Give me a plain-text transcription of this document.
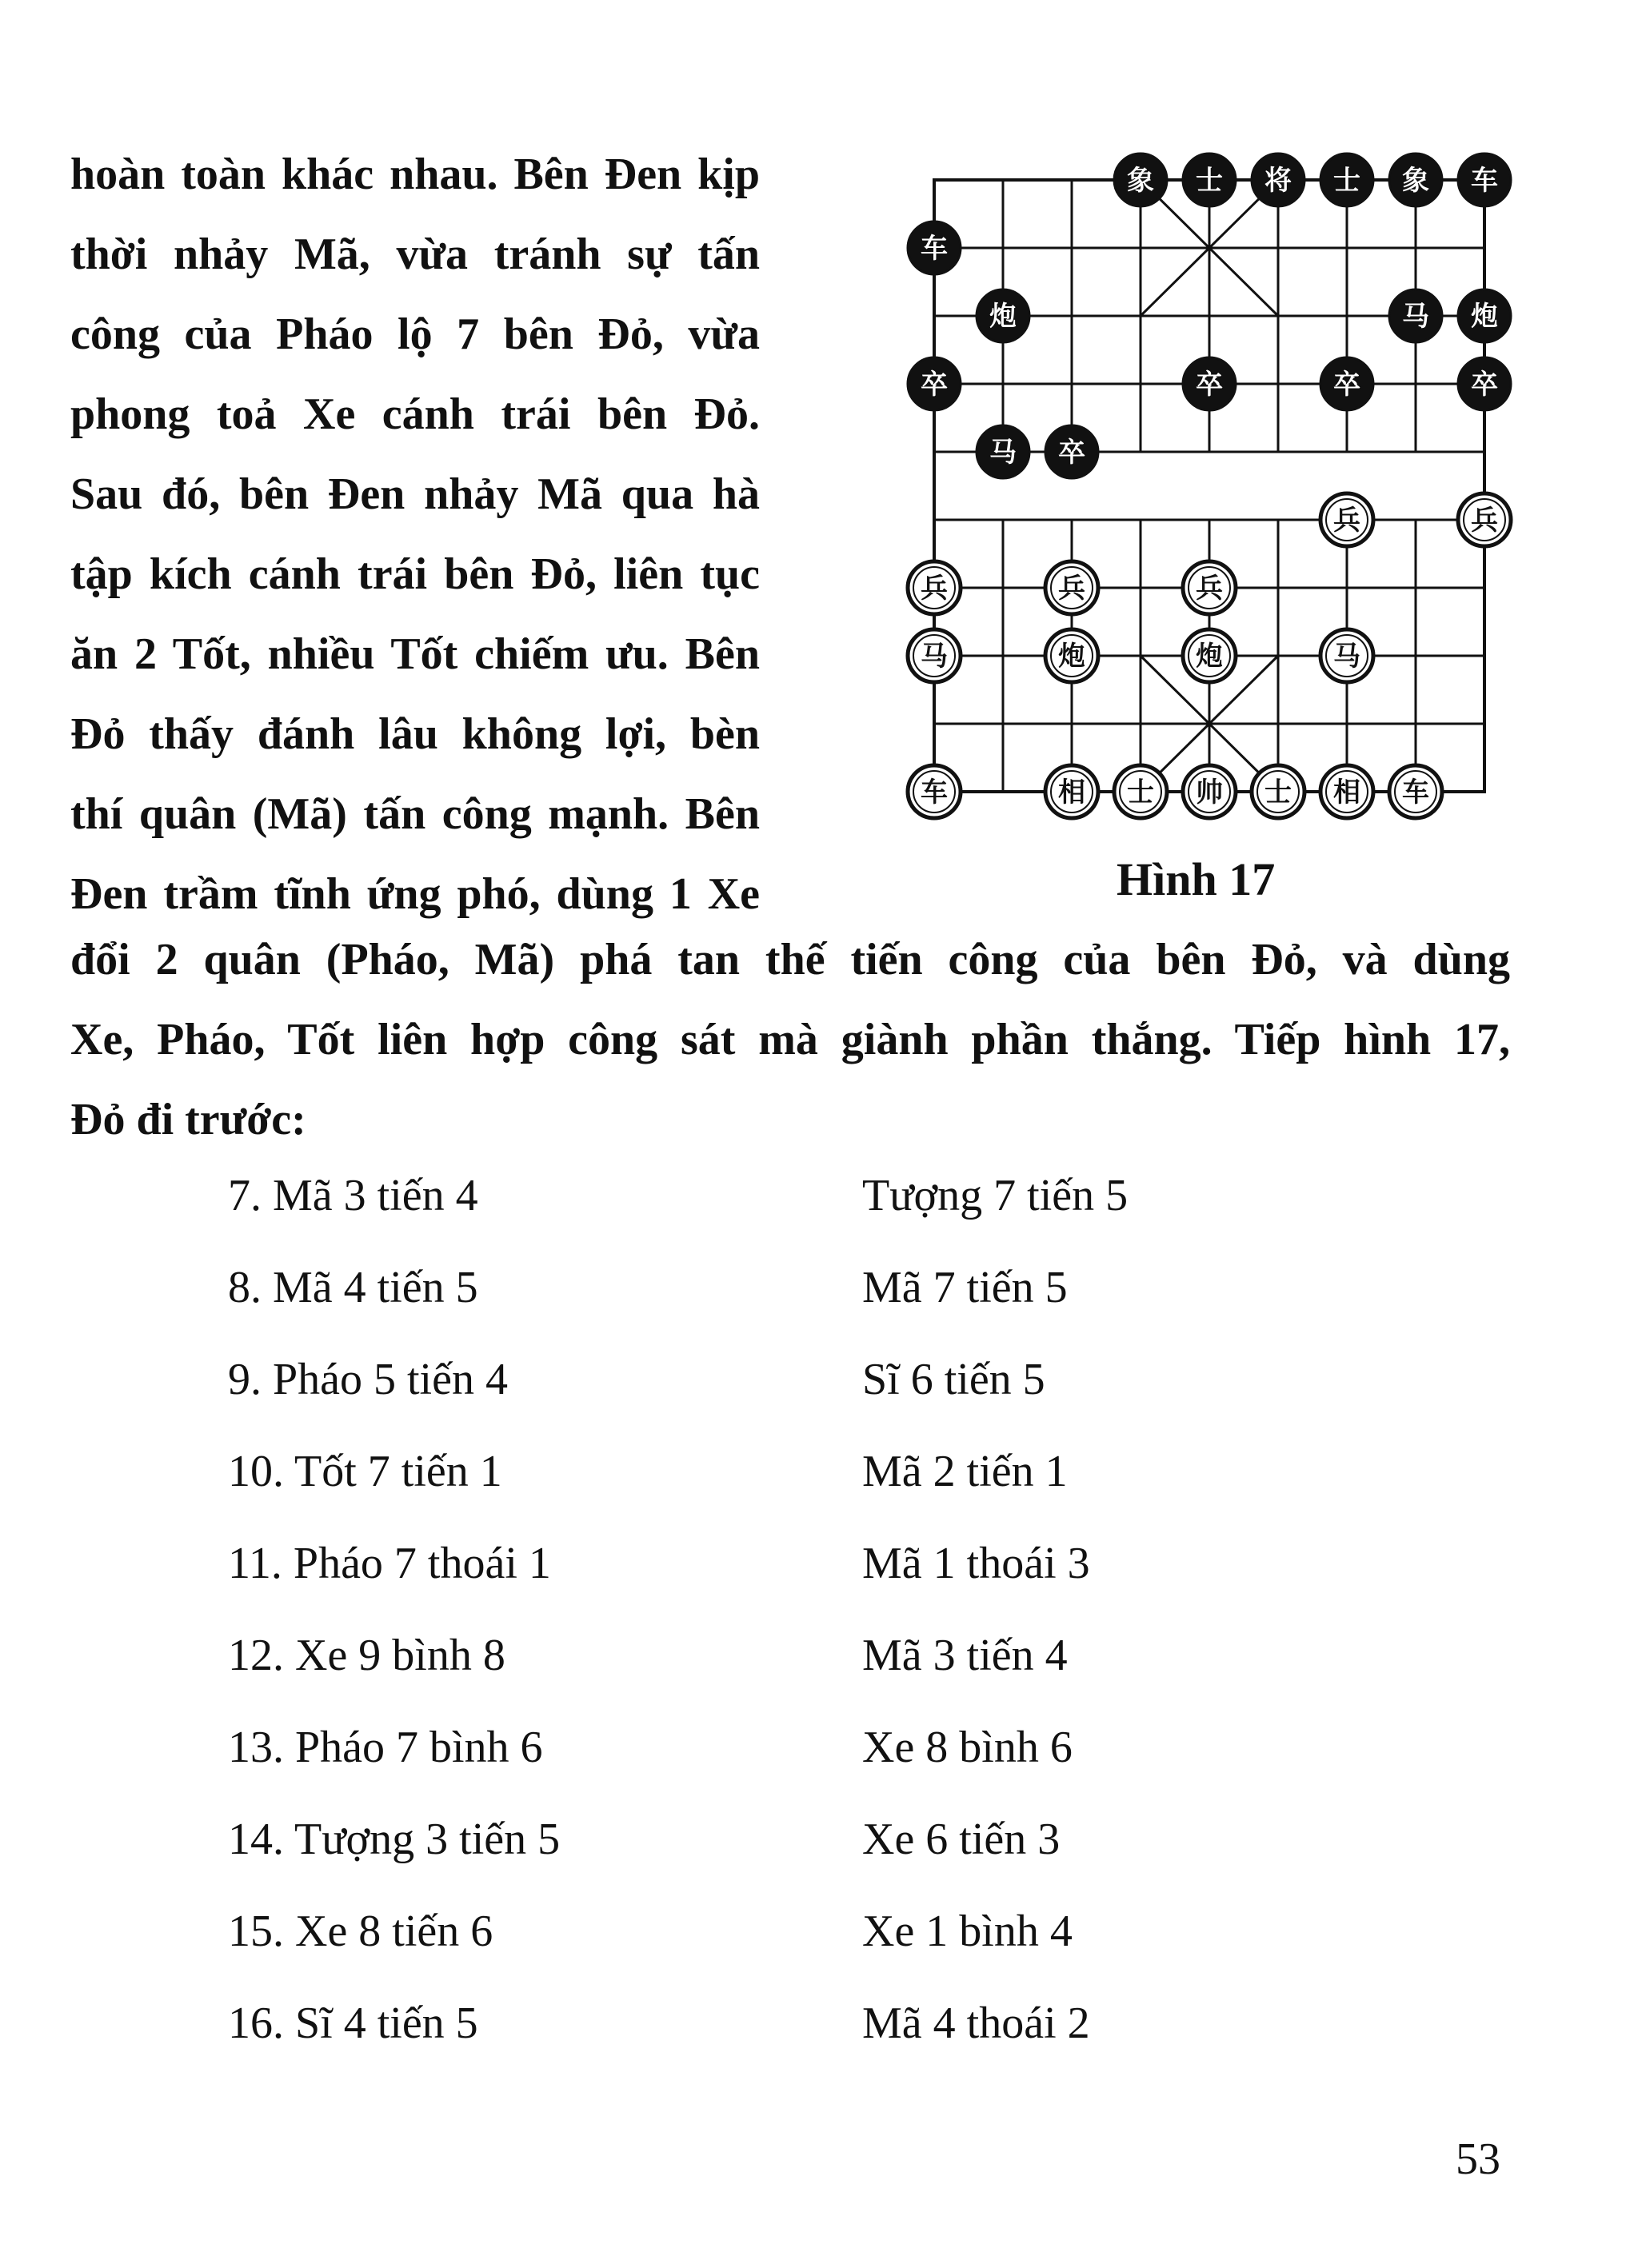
hoàn toàn khác nhau. Bên Đen kịp
thời nhảy Mã, vừa tránh sự tấn
công của Pháo lộ 7 bên Đỏ, vừa
phong toả Xe cánh trái bên Đỏ.
Sau đó, bên Đen nhảy Mã qua hà
tập kích cánh trái bên Đỏ, liên tục
ăn 2 Tốt, nhiều Tốt chiếm ưu. Bên
Đỏ thấy đánh lâu không lợi, bèn
thí quân (Mã) tấn công mạnh. Bên
Đen trầm tĩnh ứng phó, dùng 1 Xe
đổi 2 quân (Pháo, Mã) phá tan thế tiến công của bên Đỏ, và dùng
Xe, Pháo, Tốt liên hợp công sát mà giành phần thắng. Tiếp hình 17,
Đỏ đi trước:
象 士 将 士 象 车
车
炮	马 炮
卒	卒	卒	卒
马 卒
兵	兵
兵	兵	兵
马	炮	炮	马
车	相 士 帅 士 相 车
Hình 17
7. Mã 3 tiến 4	Tượng 7 tiến 5
8. Mã 4 tiến 5	Mã 7 tiến 5
9. Pháo 5 tiến 4	Sĩ 6 tiến 5
10. Tốt 7 tiến 1	Mã 2 tiến 1
11. Pháo 7 thoái 1	Mã 1 thoái 3
12. Xe 9 bình 8	Mã 3 tiến 4
13. Pháo 7 bình 6	Xe 8 bình 6
14. Tượng 3 tiến 5	Xe 6 tiến 3
15. Xe 8 tiến 6	Xe 1 bình 4
16. Sĩ 4 tiến 5	Mã 4 thoái 2
53
